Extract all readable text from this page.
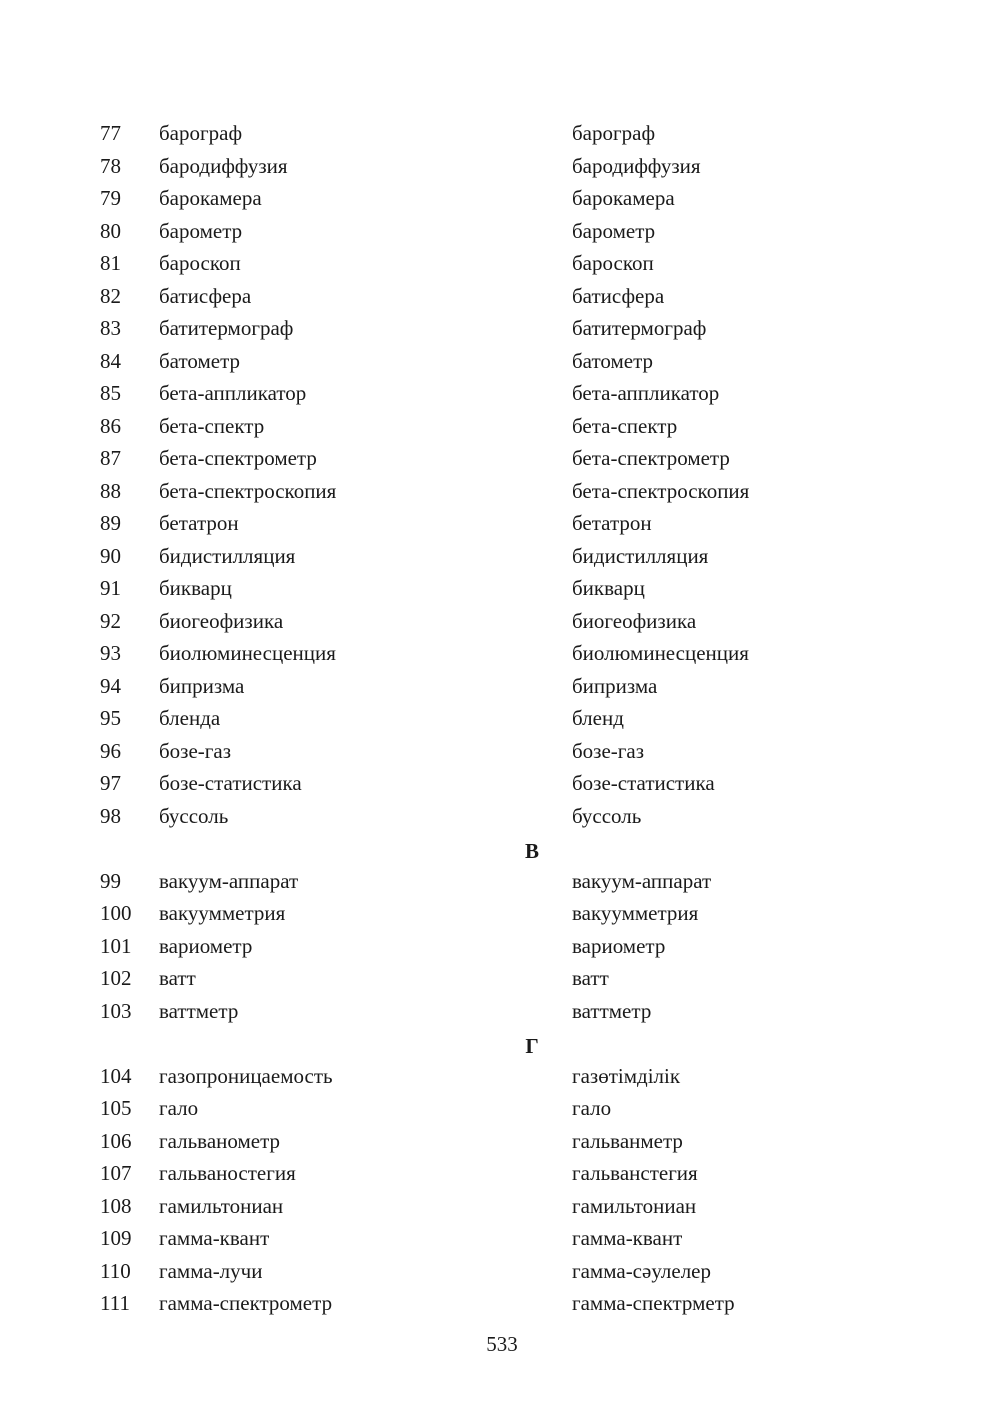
77 барограф	барограф
78 бародиффузия	бародиффузия
79 барокамера	барокамера
80 барометр	барометр
81 бароскоп	бароскоп
82 батисфера	батисфера
83 батитермограф	батитермограф
84 батометр	батометр
85 бета-аппликатор	бета-аппликатор
86 бета-спектр	бета-спектр
87 бета-спектрометр	бета-спектрометр
88 бета-спектроскопия	бета-спектроскопия
89 бетатрон	бетатрон
90 бидистилляция	бидистилляция
91 бикварц	бикварц
92 биогеофизика	биогеофизика
93 биолюминесценция	биолюминесценция
94 бипризма	бипризма
95 бленда	бленд
96 бозе-газ	бозе-газ
97 бозе-статистика	бозе-статистика
98 буссоль	буссоль
В
99 вакуум-аппарат	вакуум-аппарат
100 вакуумметрия	вакуумметрия
101 вариометр	вариометр
102 ватт	ватт
103 ваттметр	ваттметр
Г
104 газопроницаемость	газөтімділік
105 гало	гало
106 гальванометр	гальванметр
107 гальваностегия	гальванстегия
108 гамильтониан	гамильтониан
109 гамма-квант	гамма-квант
110 гамма-лучи	гамма-сәулелер
111 гамма-спектрометр	гамма-спектрметр
533
